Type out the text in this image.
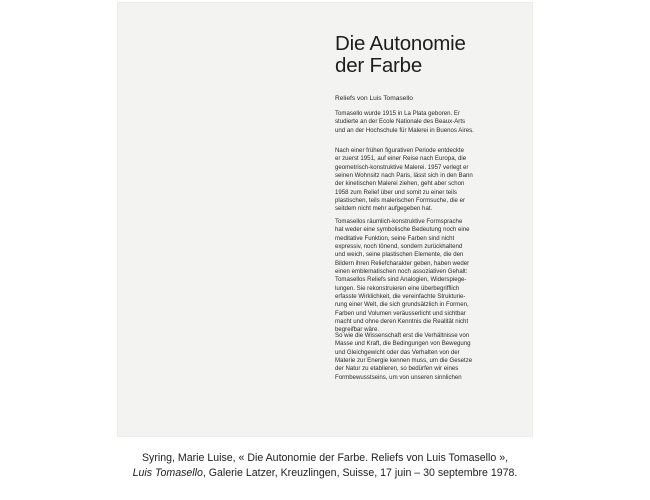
Die Autonomie
der Farbe
Reliefs von Luis Tomasello
Tomasello wurde 1915 in La Plata geboren. Er
studierte an der Ecole Nationale des Beaux-Arts
und an der Hochschule für Malerei in Buenos Aires.
Nach einer frühen figurativen Periode entdeckte
er zuerst 1951, auf einer Reise nach Europa, die
geometrisch-konstruktive Malerei. 1957 verlegt er
seinen Wohnsitz nach Paris, lässt sich in den Bann
der kinetischen Malerei ziehen, geht aber schon
1958 zum Relief über und somit zu einer teils
plastischen, teils malerischen Formsuche, die er
seitdem nicht mehr aufgegeben hat.
Tomasellos räumlich-konstruktive Formsprache
hat weder eine symbolische Bedeutung noch eine
meditative Funktion, seine Farben sind nicht
expressiv, noch tönend, sondern zurückhaltend
und weich, seine plastischen Elemente, die den
Bildern ihren Reliefcharakter geben, haben weder
einen emblematischen noch assoziativen Gehalt:
Tomasellos Reliefs sind Analogien, Widerspiege-
lungen. Sie rekonstruieren eine überbegrifflich
erfasste Wirklichkeit, die vereinfachte Strukturie-
rung einer Welt, die sich grundsätzlich in Formen,
Farben und Volumen veräusserlicht und sichtbar
macht und ohne deren Kenntnis die Realität nicht
begreifbar wäre.
So wie die Wissenschaft erst die Verhältnisse von
Masse und Kraft, die Bedingungen von Bewegung
und Gleichgewicht oder das Verhalten von der
Materie zur Energie kennen muss, um die Gesetze
der Natur zu etablieren, so bedürfen wir eines
Formbewusstseins, um von unseren sinnlichen
Syring, Marie Luise, « Die Autonomie der Farbe. Reliefs von Luis Tomasello »,
Luis Tomasello, Galerie Latzer, Kreuzlingen, Suisse, 17 juin – 30 septembre 1978.
